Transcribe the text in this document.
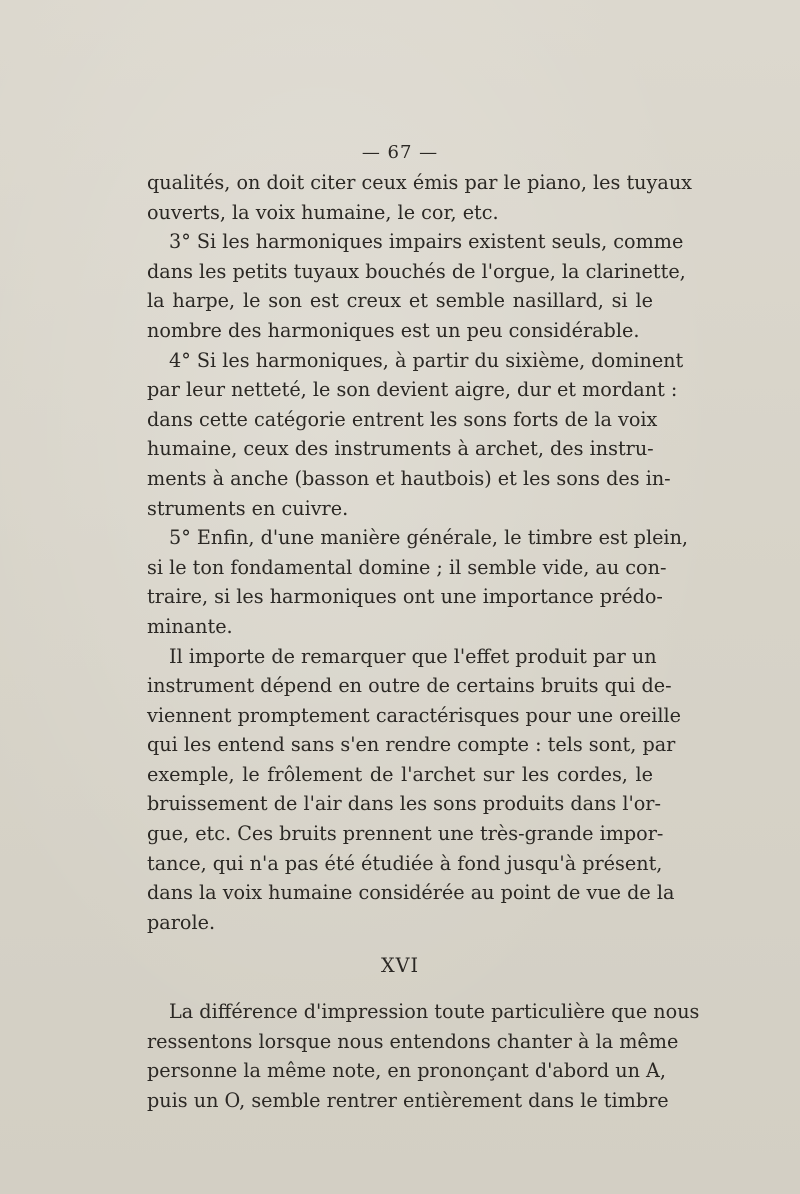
— 67 —
qualités, on doit citer ceux émis par le piano, les tuyaux
ouverts, la voix humaine, le cor, etc.
3° Si les harmoniques impairs existent seuls, comme
dans les petits tuyaux bouchés de l'orgue, la clarinette,
la harpe, le son est creux et semble nasillard, si le
nombre des harmoniques est un peu considérable.
4° Si les harmoniques, à partir du sixième, dominent
par leur netteté, le son devient aigre, dur et mordant :
dans cette catégorie entrent les sons forts de la voix
humaine, ceux des instruments à archet, des instru-
ments à anche (basson et hautbois) et les sons des in-
struments en cuivre.
5° Enfin, d'une manière générale, le timbre est plein,
si le ton fondamental domine ; il semble vide, au con-
traire, si les harmoniques ont une importance prédo-
minante.
Il importe de remarquer que l'effet produit par un
instrument dépend en outre de certains bruits qui de-
viennent promptement caractérisques pour une oreille
qui les entend sans s'en rendre compte : tels sont, par
exemple, le frôlement de l'archet sur les cordes, le
bruissement de l'air dans les sons produits dans l'or-
gue, etc. Ces bruits prennent une très-grande impor-
tance, qui n'a pas été étudiée à fond jusqu'à présent,
dans la voix humaine considérée au point de vue de la
parole.
XVI
La différence d'impression toute particulière que nous
ressentons lorsque nous entendons chanter à la même
personne la même note, en prononçant d'abord un A,
puis un O, semble rentrer entièrement dans le timbre
